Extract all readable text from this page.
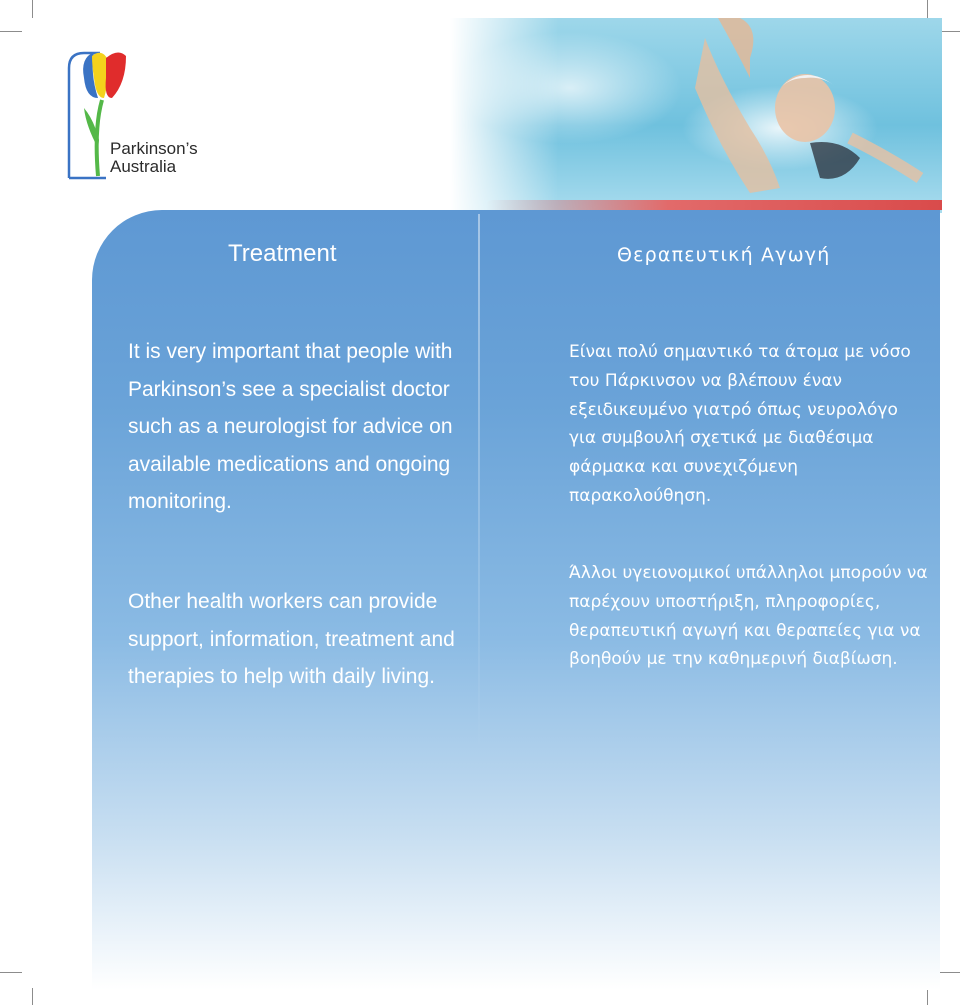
Parkinson’s
Australia
Treatment	Θεραπευτική Αγωγή

It is very important that people with Parkinson’s see a specialist doctor such as a neurologist for advice on available medications and ongoing monitoring.

Other health workers can provide support, information, treatment and therapies to help with daily living.

Είναι πολύ σημαντικό τα άτομα με νόσο του Πάρκινσον να βλέπουν έναν εξειδικευμένο γιατρό όπως νευρολόγο για συμβουλή σχετικά με διαθέσιμα φάρμακα και συνεχιζόμενη παρακολούθηση.

Άλλοι υγειονομικοί υπάλληλοι μπορούν να παρέχουν υποστήριξη, πληροφορίες, θεραπευτική αγωγή και θεραπείες για να βοηθούν με την καθημερινή διαβίωση.
